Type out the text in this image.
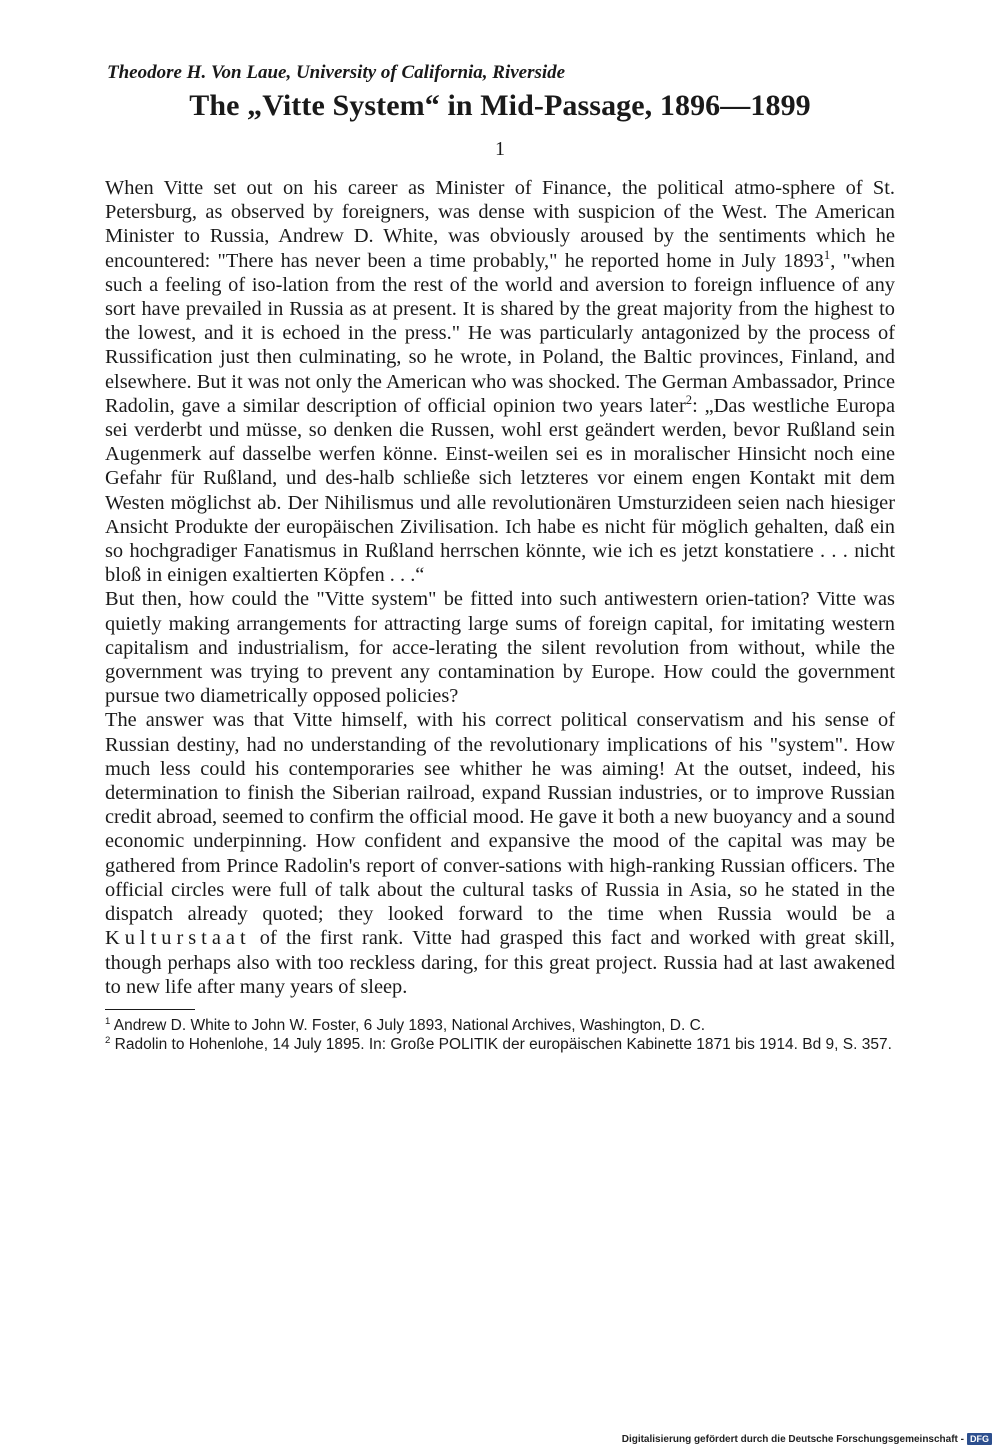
Theodore H. Von Laue, University of California, Riverside
The „Vitte System“ in Mid-Passage, 1896—1899
1

When Vitte set out on his career as Minister of Finance, the political atmo-sphere of St. Petersburg, as observed by foreigners, was dense with suspicion of the West. The American Minister to Russia, Andrew D. White, was obviously aroused by the sentiments which he encountered: "There has never been a time probably," he reported home in July 1893$^1$, "when such a feeling of iso-lation from the rest of the world and aversion to foreign influence of any sort have prevailed in Russia as at present. It is shared by the great majority from the highest to the lowest, and it is echoed in the press." He was particularly antagonized by the process of Russification just then culminating, so he wrote, in Poland, the Baltic provinces, Finland, and elsewhere. But it was not only the American who was shocked. The German Ambassador, Prince Radolin, gave a similar description of official opinion two years later$^2$: „Das westliche Europa sei verderbt und müsse, so denken die Russen, wohl erst geändert werden, bevor Rußland sein Augenmerk auf dasselbe werfen könne. Einst-weilen sei es in moralischer Hinsicht noch eine Gefahr für Rußland, und des-halb schließe sich letzteres vor einem engen Kontakt mit dem Westen möglichst ab. Der Nihilismus und alle revolutionären Umsturzideen seien nach hiesiger Ansicht Produkte der europäischen Zivilisation. Ich habe es nicht für möglich gehalten, daß ein so hochgradiger Fanatismus in Rußland herrschen könnte, wie ich es jetzt konstatiere . . . nicht bloß in einigen exaltierten Köpfen . . .“

But then, how could the "Vitte system" be fitted into such antiwestern orien-tation? Vitte was quietly making arrangements for attracting large sums of foreign capital, for imitating western capitalism and industrialism, for acce-lerating the silent revolution from without, while the government was trying to prevent any contamination by Europe. How could the government pursue two diametrically opposed policies?

The answer was that Vitte himself, with his correct political conservatism and his sense of Russian destiny, had no understanding of the revolutionary implications of his "system". How much less could his contemporaries see whither he was aiming! At the outset, indeed, his determination to finish the Siberian railroad, expand Russian industries, or to improve Russian credit abroad, seemed to confirm the official mood. He gave it both a new buoyancy and a sound economic underpinning. How confident and expansive the mood of the capital was may be gathered from Prince Radolin's report of conver-sations with high-ranking Russian officers. The official circles were full of talk about the cultural tasks of Russia in Asia, so he stated in the dispatch already quoted; they looked forward to the time when Russia would be a Kulturstaat of the first rank. Vitte had grasped this fact and worked with great skill, though perhaps also with too reckless daring, for this great project. Russia had at last awakened to new life after many years of sleep.

$^1$ Andrew D. White to John W. Foster, 6 July 1893, National Archives, Washington, D. C.

$^2$ Radolin to Hohenlohe, 14 July 1895. In: Große POLITIK der europäischen Kabinette 1871 bis 1914. Bd 9, S. 357.

Digitalisierung gefördert durch die Deutsche Forschungsgemeinschaft - DFG
